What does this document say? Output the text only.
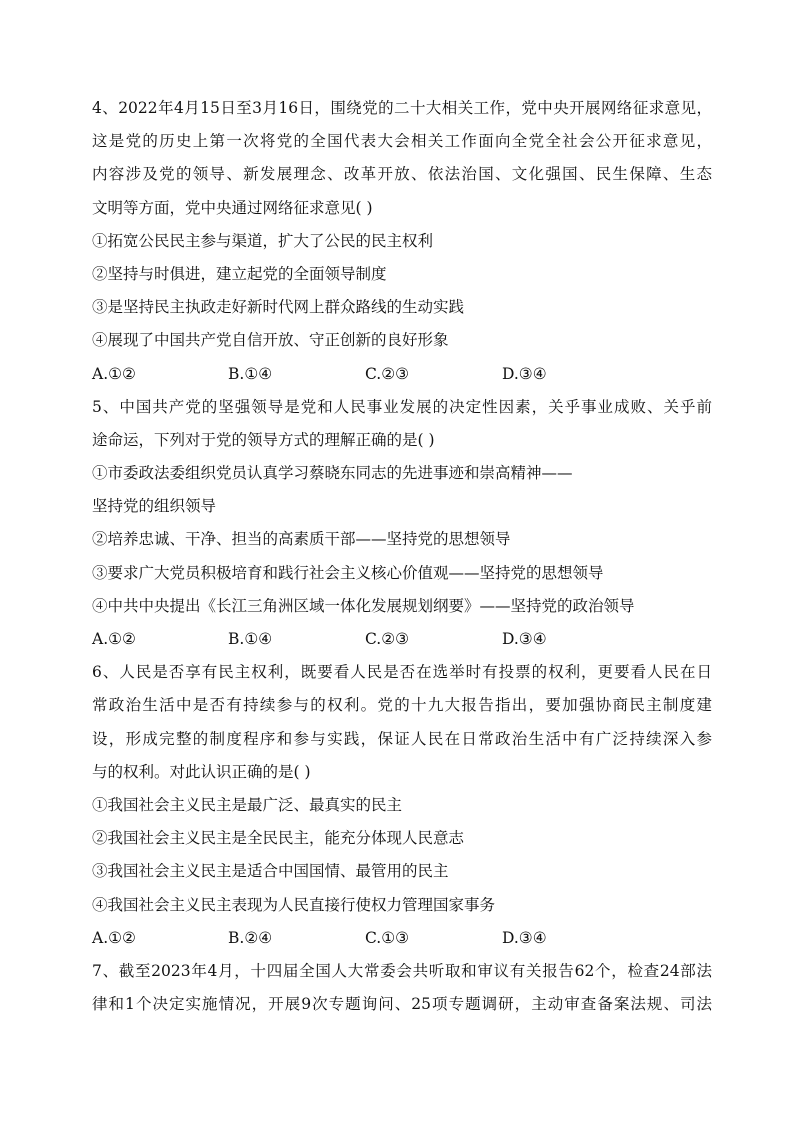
4、2022年4月15日至3月16日，围绕党的二十大相关工作，党中央开展网络征求意见，
这是党的历史上第一次将党的全国代表大会相关工作面向全党全社会公开征求意见，
内容涉及党的领导、新发展理念、改革开放、依法治国、文化强国、民生保障、生态
文明等方面，党中央通过网络征求意见( )
①拓宽公民民主参与渠道，扩大了公民的民主权利
②坚持与时俱进，建立起党的全面领导制度
③是坚持民主执政走好新时代网上群众路线的生动实践
④展现了中国共产党自信开放、守正创新的良好形象
A.①②	B.①④	C.②③	D.③④
5、中国共产党的坚强领导是党和人民事业发展的决定性因素，关乎事业成败、关乎前
途命运，下列对于党的领导方式的理解正确的是( )
①市委政法委组织党员认真学习蔡晓东同志的先进事迹和崇高精神——
坚持党的组织领导
②培养忠诚、干净、担当的高素质干部——坚持党的思想领导
③要求广大党员积极培育和践行社会主义核心价值观——坚持党的思想领导
④中共中央提出《长江三角洲区域一体化发展规划纲要》——坚持党的政治领导
A.①②	B.①④	C.②③	D.③④
6、人民是否享有民主权利，既要看人民是否在选举时有投票的权利，更要看人民在日
常政治生活中是否有持续参与的权利。党的十九大报告指出，要加强协商民主制度建
设，形成完整的制度程序和参与实践，保证人民在日常政治生活中有广泛持续深入参
与的权利。对此认识正确的是( )
①我国社会主义民主是最广泛、最真实的民主
②我国社会主义民主是全民民主，能充分体现人民意志
③我国社会主义民主是适合中国国情、最管用的民主
④我国社会主义民主表现为人民直接行使权力管理国家事务
A.①②	B.②④	C.①③	D.③④
7、截至2023年4月，十四届全国人大常委会共听取和审议有关报告62个，检查24部法
律和1个决定实施情况，开展9次专题询问、25项专题调研，主动审查备案法规、司法
